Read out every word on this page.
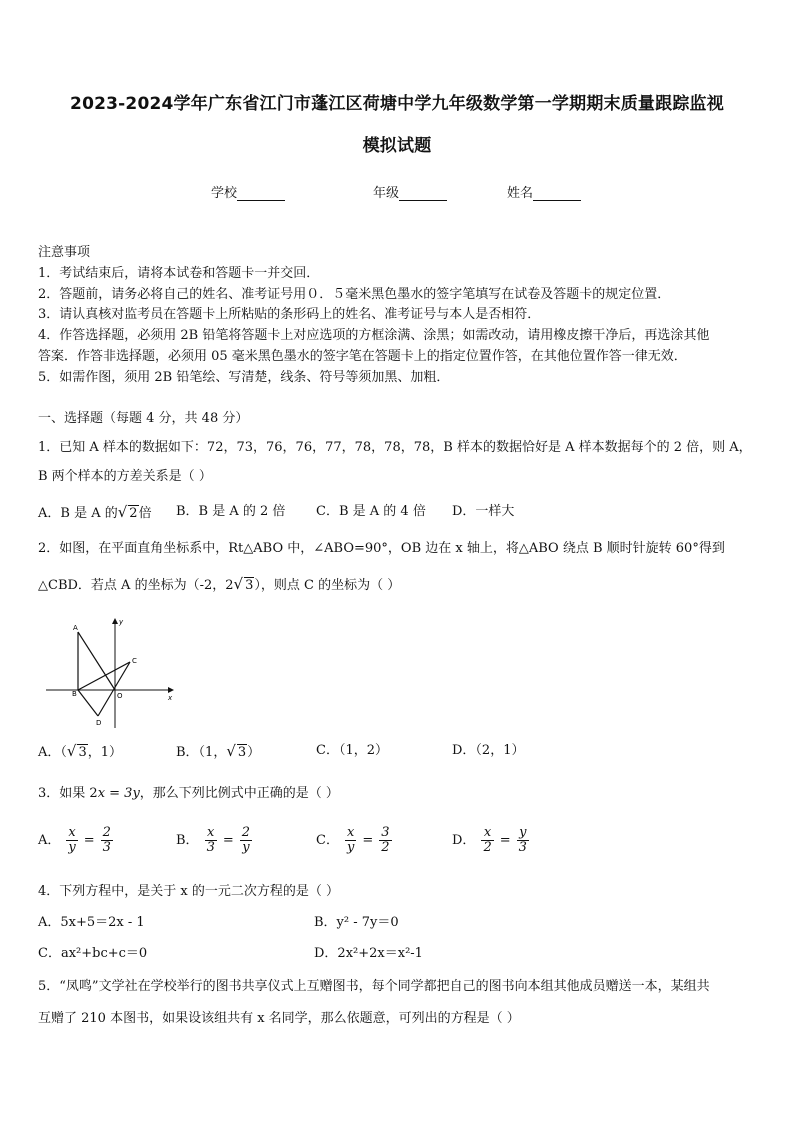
2023-2024学年广东省江门市蓬江区荷塘中学九年级数学第一学期期末质量跟踪监视
模拟试题
学校	年级	姓名
注意事项
1．考试结束后，请将本试卷和答题卡一并交回．
2．答题前，请务必将自己的姓名、准考证号用０．５毫米黑色墨水的签字笔填写在试卷及答题卡的规定位置．
3．请认真核对监考员在答题卡上所粘贴的条形码上的姓名、准考证号与本人是否相符．
4．作答选择题，必须用 2B 铅笔将答题卡上对应选项的方框涂满、涂黑；如需改动，请用橡皮擦干净后，再选涂其他
答案．作答非选择题，必须用 05 毫米黑色墨水的签字笔在答题卡上的指定位置作答，在其他位置作答一律无效．
5．如需作图，须用 2B 铅笔绘、写清楚，线条、符号等须加黑、加粗．
一、选择题（每题 4 分，共 48 分）
1．已知 A 样本的数据如下：72，73，76，76，77，78，78，78，B 样本的数据恰好是 A 样本数据每个的 2 倍，则 A，
B 两个样本的方差关系是（ ）
A．B 是 A 的√ 2倍 B．B 是 A 的 2 倍 C．B 是 A 的 4 倍 D．一样大
2．如图，在平面直角坐标系中，Rt△ABO 中，∠ABO=90°，OB 边在 x 轴上，将△ABO 绕点 B 顺时针旋转 60°得到
△CBD．若点 A 的坐标为（-2，2√ 3），则点 C 的坐标为（ ）
A
B
C
D
O	x
y
A．（√ 3，1）	B．（1，√ 3）	C．（1，2）	D．（2，1）
3．如果 2x = 3y，那么下列比例式中正确的是（ ）
A． $\frac{x}{y} = \frac{2}{3}$	B． $\frac{x}{3} = \frac{2}{y}$	C． $\frac{x}{y} = \frac{3}{2}$	D． $\frac{x}{2} = \frac{y}{3}$
4．下列方程中，是关于 x 的一元二次方程的是（ ）
A．5x+5＝2x - 1	B．y² - 7y＝0
C．ax²+bc+c＝0	D．2x²+2x＝x²-1
5．“凤鸣”文学社在学校举行的图书共享仪式上互赠图书，每个同学都把自己的图书向本组其他成员赠送一本，某组共
互赠了 210 本图书，如果设该组共有 x 名同学，那么依题意，可列出的方程是（ ）
